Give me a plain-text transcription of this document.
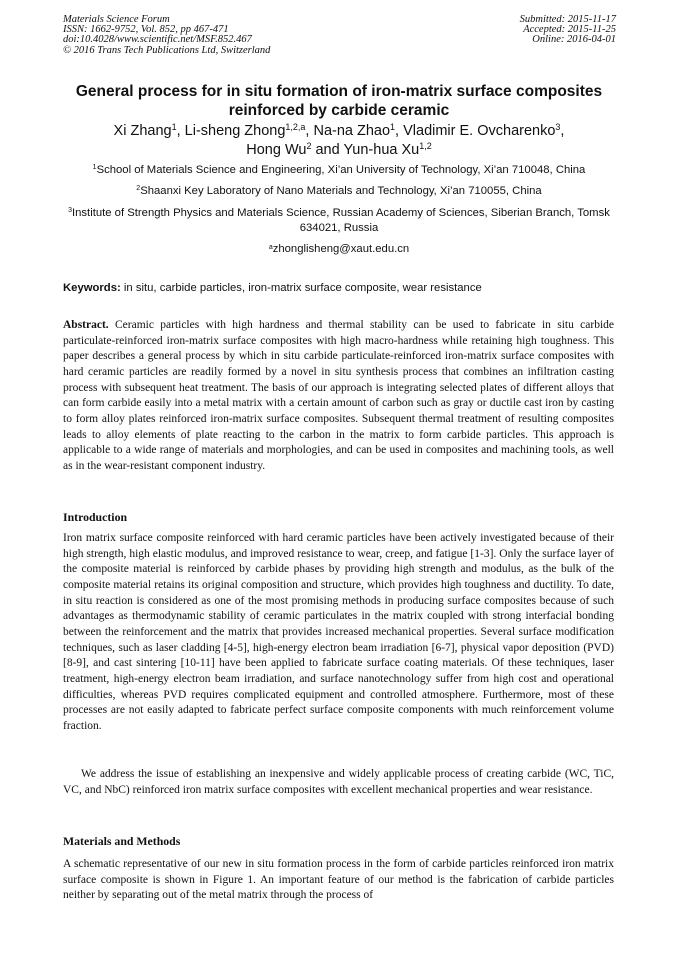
Materials Science Forum
ISSN: 1662-9752, Vol. 852, pp 467-471
doi:10.4028/www.scientific.net/MSF.852.467
© 2016 Trans Tech Publications Ltd, Switzerland
Submitted: 2015-11-17
Accepted: 2015-11-25
Online: 2016-04-01
General process for in situ formation of iron-matrix surface composites reinforced by carbide ceramic
Xi Zhang$^1$, Li-sheng Zhong$^{1,2,a}$, Na-na Zhao$^1$, Vladimir E. Ovcharenko$^3$,
Hong Wu$^2$ and Yun-hua Xu$^{1,2}$

$^1$School of Materials Science and Engineering, Xi’an University of Technology, Xi’an 710048, China

$^2$Shaanxi Key Laboratory of Nano Materials and Technology, Xi’an 710055, China

$^3$Institute of Strength Physics and Materials Science, Russian Academy of Sciences, Siberian Branch, Tomsk 634021, Russia

$^a$zhonglisheng@xaut.edu.cn

Keywords: in situ, carbide particles, iron-matrix surface composite, wear resistance

Abstract. Ceramic particles with high hardness and thermal stability can be used to fabricate in situ carbide particulate-reinforced iron-matrix surface composites with high macro-hardness while retaining high toughness. This paper describes a general process by which in situ carbide particulate-reinforced iron-matrix surface composites with hard ceramic particles are readily formed by a novel in situ synthesis process that combines an infiltration casting process with subsequent heat treatment. The basis of our approach is integrating selected plates of different alloys that can form carbide easily into a metal matrix with a certain amount of carbon such as gray or ductile cast iron by casting to form alloy plates reinforced iron-matrix surface composites. Subsequent thermal treatment of resulting composites leads to alloy elements of plate reacting to the carbon in the matrix to form carbide particles. This approach is applicable to a wide range of materials and morphologies, and can be used in composites and machining tools, as well as in the wear-resistant component industry.

Introduction

Iron matrix surface composite reinforced with hard ceramic particles have been actively investigated because of their high strength, high elastic modulus, and improved resistance to wear, creep, and fatigue [1-3]. Only the surface layer of the composite material is reinforced by carbide phases by providing high strength and modulus, as the bulk of the composite material retains its original composition and structure, which provides high toughness and ductility. To date, in situ reaction is considered as one of the most promising methods in producing surface composites because of such advantages as thermodynamic stability of ceramic particulates in the matrix coupled with strong interfacial bonding between the reinforcement and the matrix that provides increased mechanical properties. Several surface modification techniques, such as laser cladding [4-5], high-energy electron beam irradiation [6-7], physical vapor deposition (PVD) [8-9], and cast sintering [10-11] have been applied to fabricate surface coating materials. Of these techniques, laser treatment, high-energy electron beam irradiation, and surface nanotechnology suffer from high cost and operational difficulties, whereas PVD requires complicated equipment and controlled atmosphere. Furthermore, most of these processes are not easily adapted to fabricate perfect surface composite components with much reinforcement volume fraction.

We address the issue of establishing an inexpensive and widely applicable process of creating carbide (WC, TiC, VC, and NbC) reinforced iron matrix surface composites with excellent mechanical properties and wear resistance.

Materials and Methods

A schematic representative of our new in situ formation process in the form of carbide particles reinforced iron matrix surface composite is shown in Figure 1. An important feature of our method is the fabrication of carbide particles neither by separating out of the metal matrix through the process of
